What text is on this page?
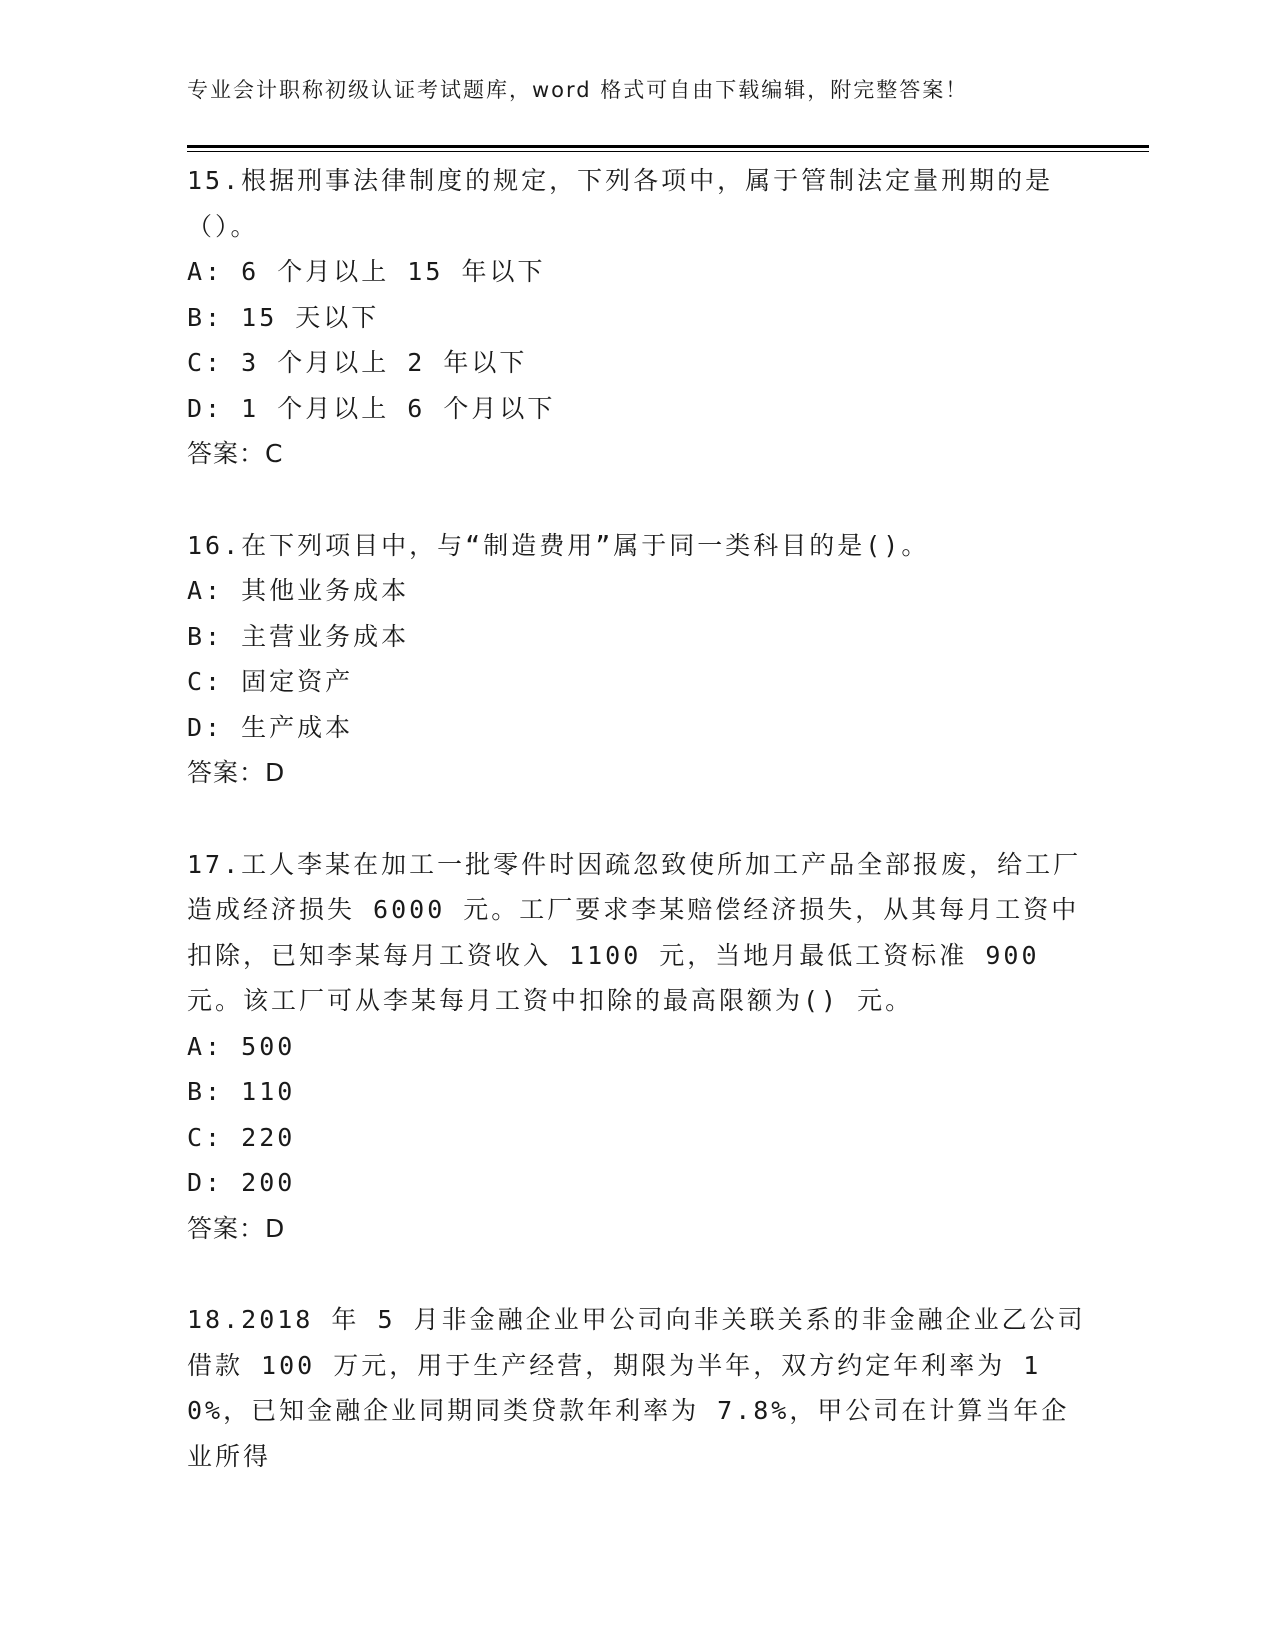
专业会计职称初级认证考试题库，word 格式可自由下载编辑，附完整答案！
15.根据刑事法律制度的规定，下列各项中，属于管制法定量刑期的是（）。
A: 6 个月以上 15 年以下
B: 15 天以下
C: 3 个月以上 2 年以下
D: 1 个月以上 6 个月以下
答案：C
16.在下列项目中，与“制造费用”属于同一类科目的是()。
A: 其他业务成本
B: 主营业务成本
C: 固定资产
D: 生产成本
答案：D
17.工人李某在加工一批零件时因疏忽致使所加工产品全部报废，给工厂造成经济损失 6000 元。工厂要求李某赔偿经济损失，从其每月工资中扣除，已知李某每月工资收入 1100 元，当地月最低工资标准 900 元。该工厂可从李某每月工资中扣除的最高限额为() 元。
A: 500
B: 110
C: 220
D: 200
答案：D
18.2018 年 5 月非金融企业甲公司向非关联关系的非金融企业乙公司借款 100 万元，用于生产经营，期限为半年，双方约定年利率为 10%，已知金融企业同期同类贷款年利率为 7.8%，甲公司在计算当年企业所得
